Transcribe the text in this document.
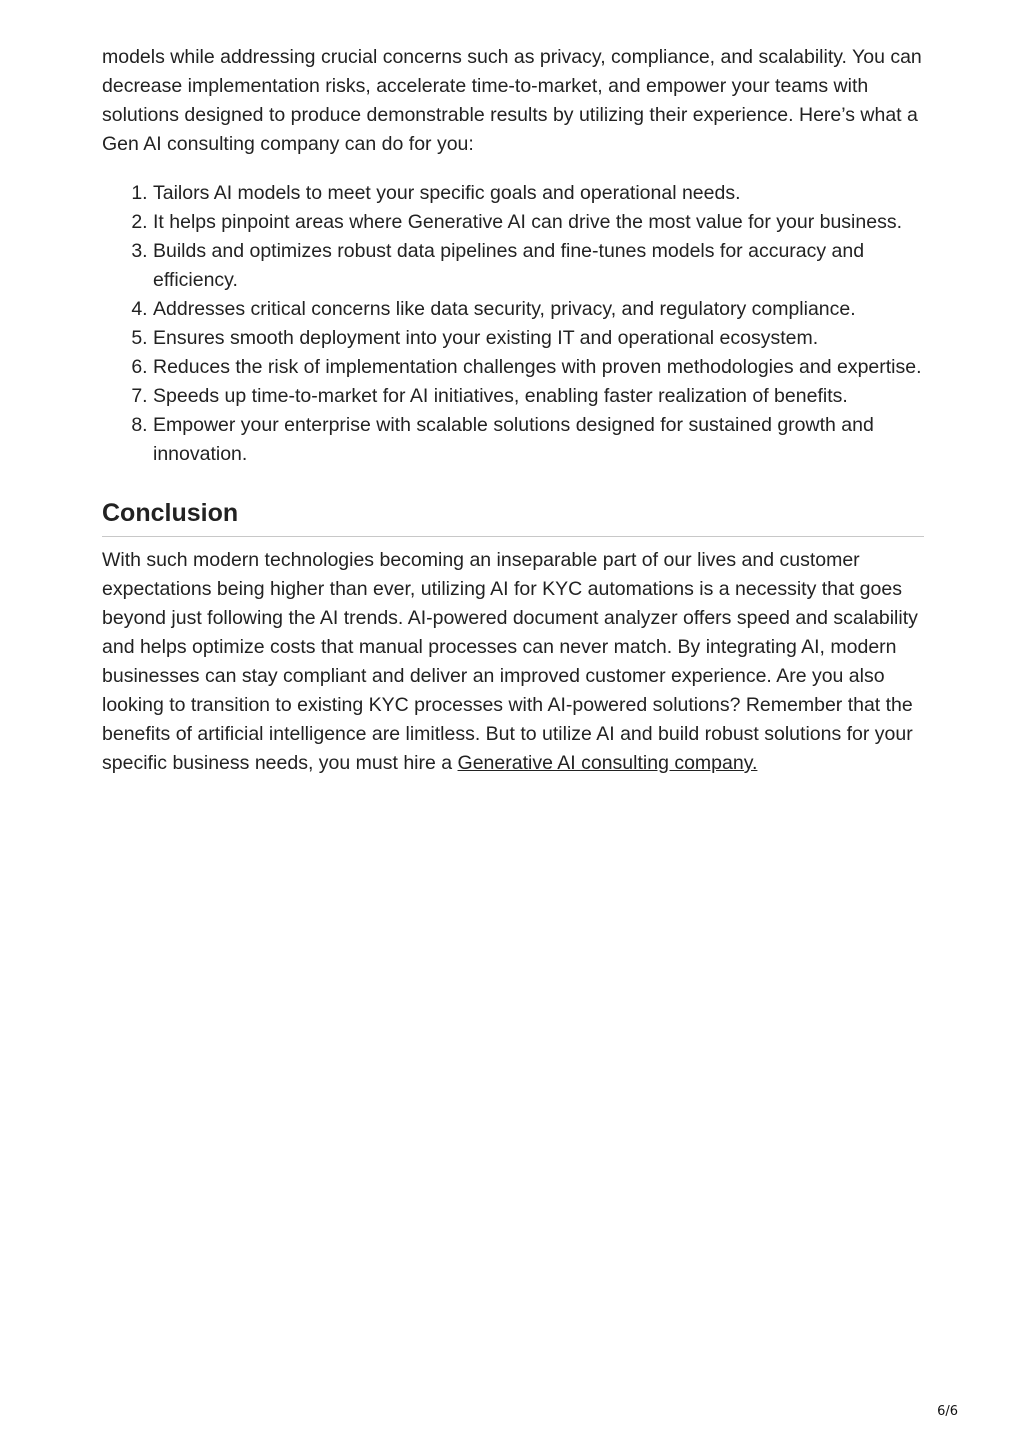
models while addressing crucial concerns such as privacy, compliance, and scalability. You can decrease implementation risks, accelerate time-to-market, and empower your teams with solutions designed to produce demonstrable results by utilizing their experience. Here’s what a Gen AI consulting company can do for you:

1. Tailors AI models to meet your specific goals and operational needs.
2. It helps pinpoint areas where Generative AI can drive the most value for your business.
3. Builds and optimizes robust data pipelines and fine-tunes models for accuracy and efficiency.
4. Addresses critical concerns like data security, privacy, and regulatory compliance.
5. Ensures smooth deployment into your existing IT and operational ecosystem.
6. Reduces the risk of implementation challenges with proven methodologies and expertise.
7. Speeds up time-to-market for AI initiatives, enabling faster realization of benefits.
8. Empower your enterprise with scalable solutions designed for sustained growth and innovation.
Conclusion

With such modern technologies becoming an inseparable part of our lives and customer expectations being higher than ever, utilizing AI for KYC automations is a necessity that goes beyond just following the AI trends. AI-powered document analyzer offers speed and scalability and helps optimize costs that manual processes can never match. By integrating AI, modern businesses can stay compliant and deliver an improved customer experience. Are you also looking to transition to existing KYC processes with AI-powered solutions? Remember that the benefits of artificial intelligence are limitless. But to utilize AI and build robust solutions for your specific business needs, you must hire a Generative AI consulting company.

6/6
